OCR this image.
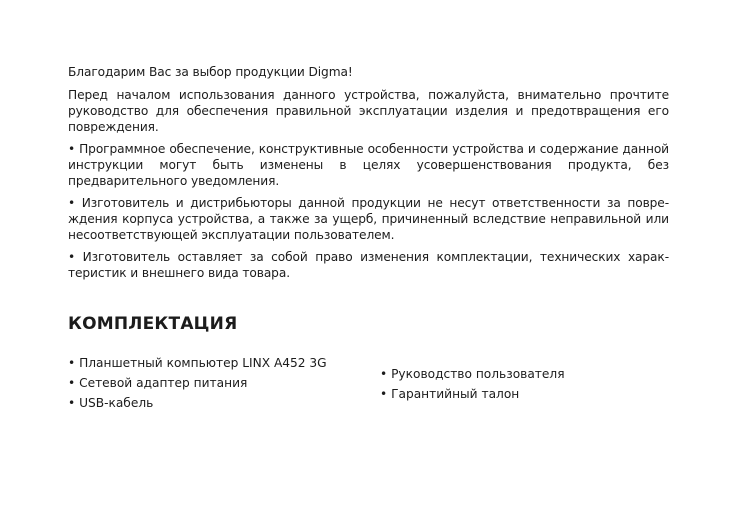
Благодарим Вас за выбор продукции Digma!

Перед началом использования данного устройства, пожалуйста, внимательно прочтите руководство для обеспечения правильной эксплуатации изделия и предотвращения его повреждения.

• Программное обеспечение, конструктивные особенности устройства и содержание данной инструкции могут быть изменены в целях усовершенствования продукта, без предварительного уведомления.

• Изготовитель и дистрибьюторы данной продукции не несут ответственности за повре-ждения корпуса устройства, а также за ущерб, причиненный вследствие неправильной или несоответствующей эксплуатации пользователем.

• Изготовитель оставляет за собой право изменения комплектации, технических харак-теристик и внешнего вида товара.

КОМПЛЕКТАЦИЯ
• Планшетный компьютер LINX A452 3G
• Сетевой адаптер питания
• USB-кабель
• Руководство пользователя
• Гарантийный талон
